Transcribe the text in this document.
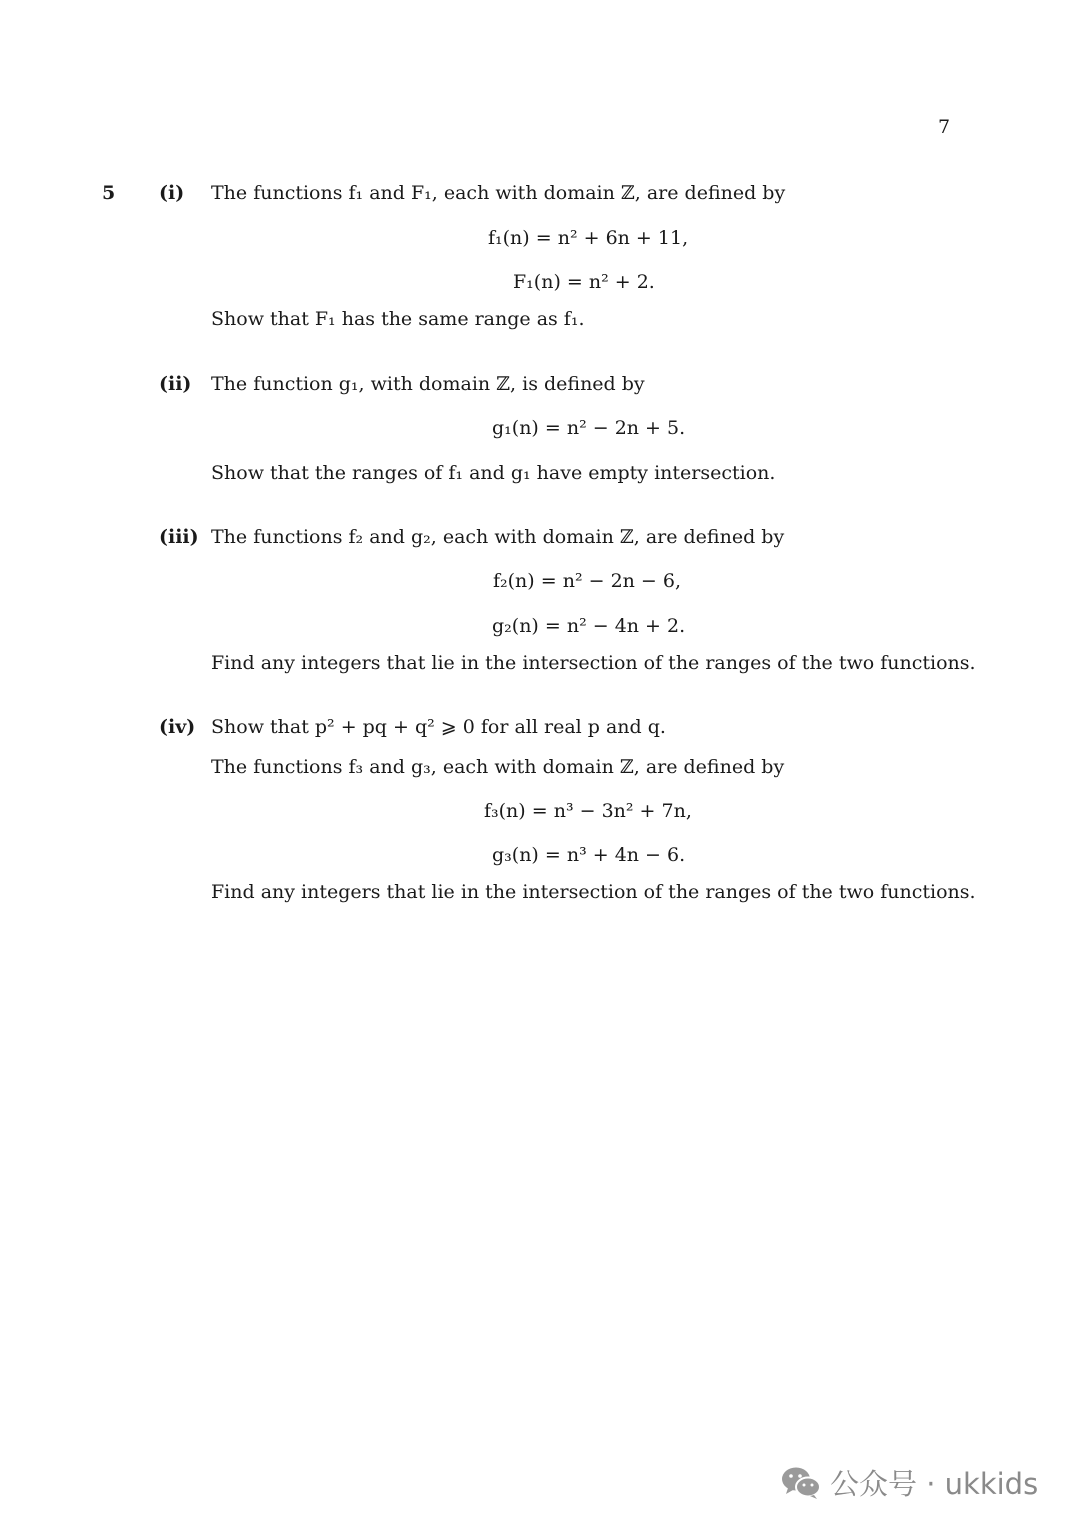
7
5 (i) The functions f₁ and F₁, each with domain ℤ, are defined by
f₁(n) = n² + 6n + 11,
F₁(n) = n² + 2.
Show that F₁ has the same range as f₁.
(ii) The function g₁, with domain ℤ, is defined by
g₁(n) = n² − 2n + 5.
Show that the ranges of f₁ and g₁ have empty intersection.
(iii) The functions f₂ and g₂, each with domain ℤ, are defined by
f₂(n) = n² − 2n − 6,
g₂(n) = n² − 4n + 2.
Find any integers that lie in the intersection of the ranges of the two functions.
(iv) Show that p² + pq + q² ⩾ 0 for all real p and q.
The functions f₃ and g₃, each with domain ℤ, are defined by
f₃(n) = n³ − 3n² + 7n,
g₃(n) = n³ + 4n − 6.
Find any integers that lie in the intersection of the ranges of the two functions.
公众号 · ukkids
